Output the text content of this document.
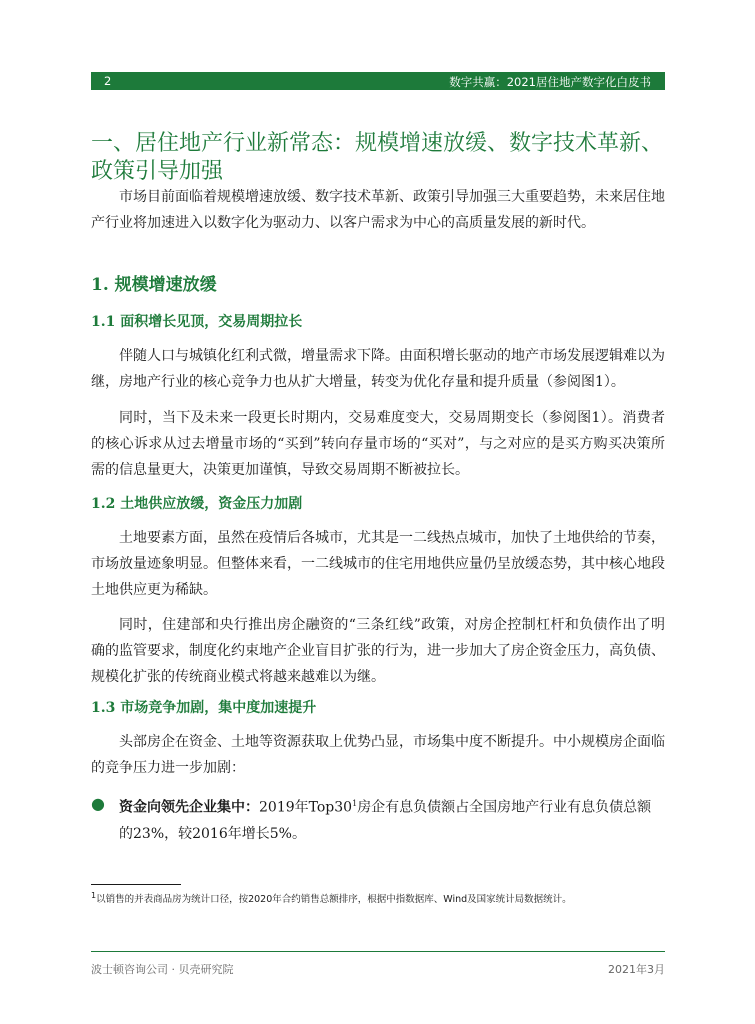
2	数字共赢：2021居住地产数字化白皮书
一、居住地产行业新常态：规模增速放缓、数字技术革新、政策引导加强
市场目前面临着规模增速放缓、数字技术革新、政策引导加强三大重要趋势，未来居住地产行业将加速进入以数字化为驱动力、以客户需求为中心的高质量发展的新时代。
1. 规模增速放缓
1.1 面积增长见顶，交易周期拉长
伴随人口与城镇化红利式微，增量需求下降。由面积增长驱动的地产市场发展逻辑难以为继，房地产行业的核心竞争力也从扩大增量，转变为优化存量和提升质量（参阅图1）。
同时，当下及未来一段更长时期内，交易难度变大，交易周期变长（参阅图1）。消费者的核心诉求从过去增量市场的“买到”转向存量市场的“买对”，与之对应的是买方购买决策所需的信息量更大，决策更加谨慎，导致交易周期不断被拉长。
1.2 土地供应放缓，资金压力加剧
土地要素方面，虽然在疫情后各城市，尤其是一二线热点城市，加快了土地供给的节奏，市场放量迹象明显。但整体来看，一二线城市的住宅用地供应量仍呈放缓态势，其中核心地段土地供应更为稀缺。
同时，住建部和央行推出房企融资的“三条红线”政策，对房企控制杠杆和负债作出了明确的监管要求，制度化约束地产企业盲目扩张的行为，进一步加大了房企资金压力，高负债、规模化扩张的传统商业模式将越来越难以为继。
1.3 市场竞争加剧，集中度加速提升
头部房企在资金、土地等资源获取上优势凸显，市场集中度不断提升。中小规模房企面临的竞争压力进一步加剧：
● 资金向领先企业集中：2019年$Top30^1$房企有息负债额占全国房地产行业有息负债总额的23%，较2016年增长5%。
$^1$以销售的并表商品房为统计口径，按2020年合约销售总额排序，根据中指数据库、Wind及国家统计局数据统计。
波士顿咨询公司 · 贝壳研究院	2021年3月
